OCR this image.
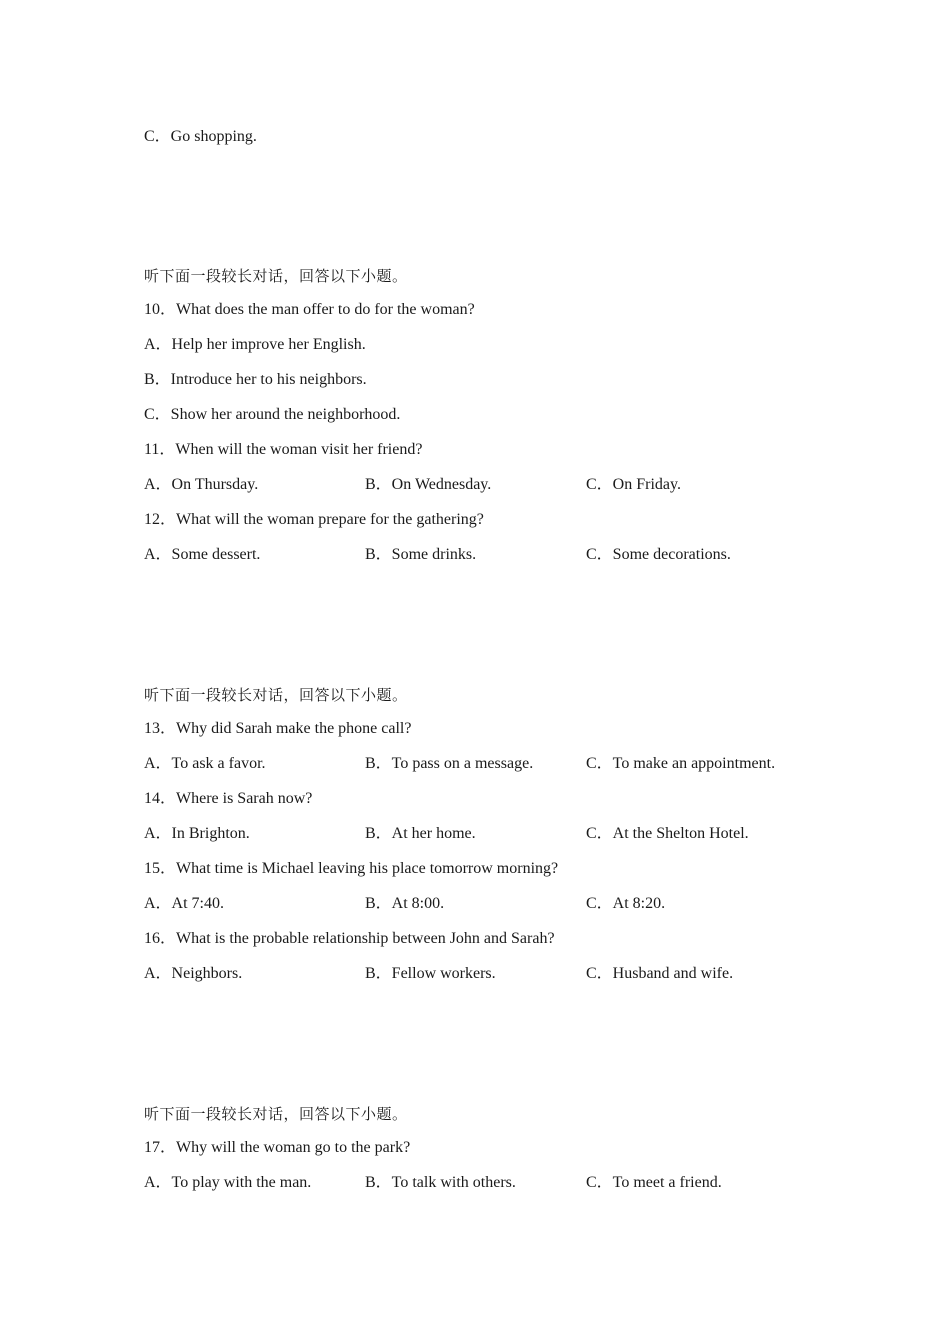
C．Go shopping.
听下面一段较长对话，回答以下小题。
10．What does the man offer to do for the woman?
A．Help her improve her English.
B．Introduce her to his neighbors.
C．Show her around the neighborhood.
11．When will the woman visit her friend?
A．On Thursday.	B．On Wednesday.	C．On Friday.
12．What will the woman prepare for the gathering?
A．Some dessert.	B．Some drinks.	C．Some decorations.
听下面一段较长对话，回答以下小题。
13．Why did Sarah make the phone call?
A．To ask a favor.	B．To pass on a message.	C．To make an appointment.
14．Where is Sarah now?
A．In Brighton.	B．At her home.	C．At the Shelton Hotel.
15．What time is Michael leaving his place tomorrow morning?
A．At 7:40.	B．At 8:00.	C．At 8:20.
16．What is the probable relationship between John and Sarah?
A．Neighbors.	B．Fellow workers.	C．Husband and wife.
听下面一段较长对话，回答以下小题。
17．Why will the woman go to the park?
A．To play with the man.	B．To talk with others.	C．To meet a friend.
